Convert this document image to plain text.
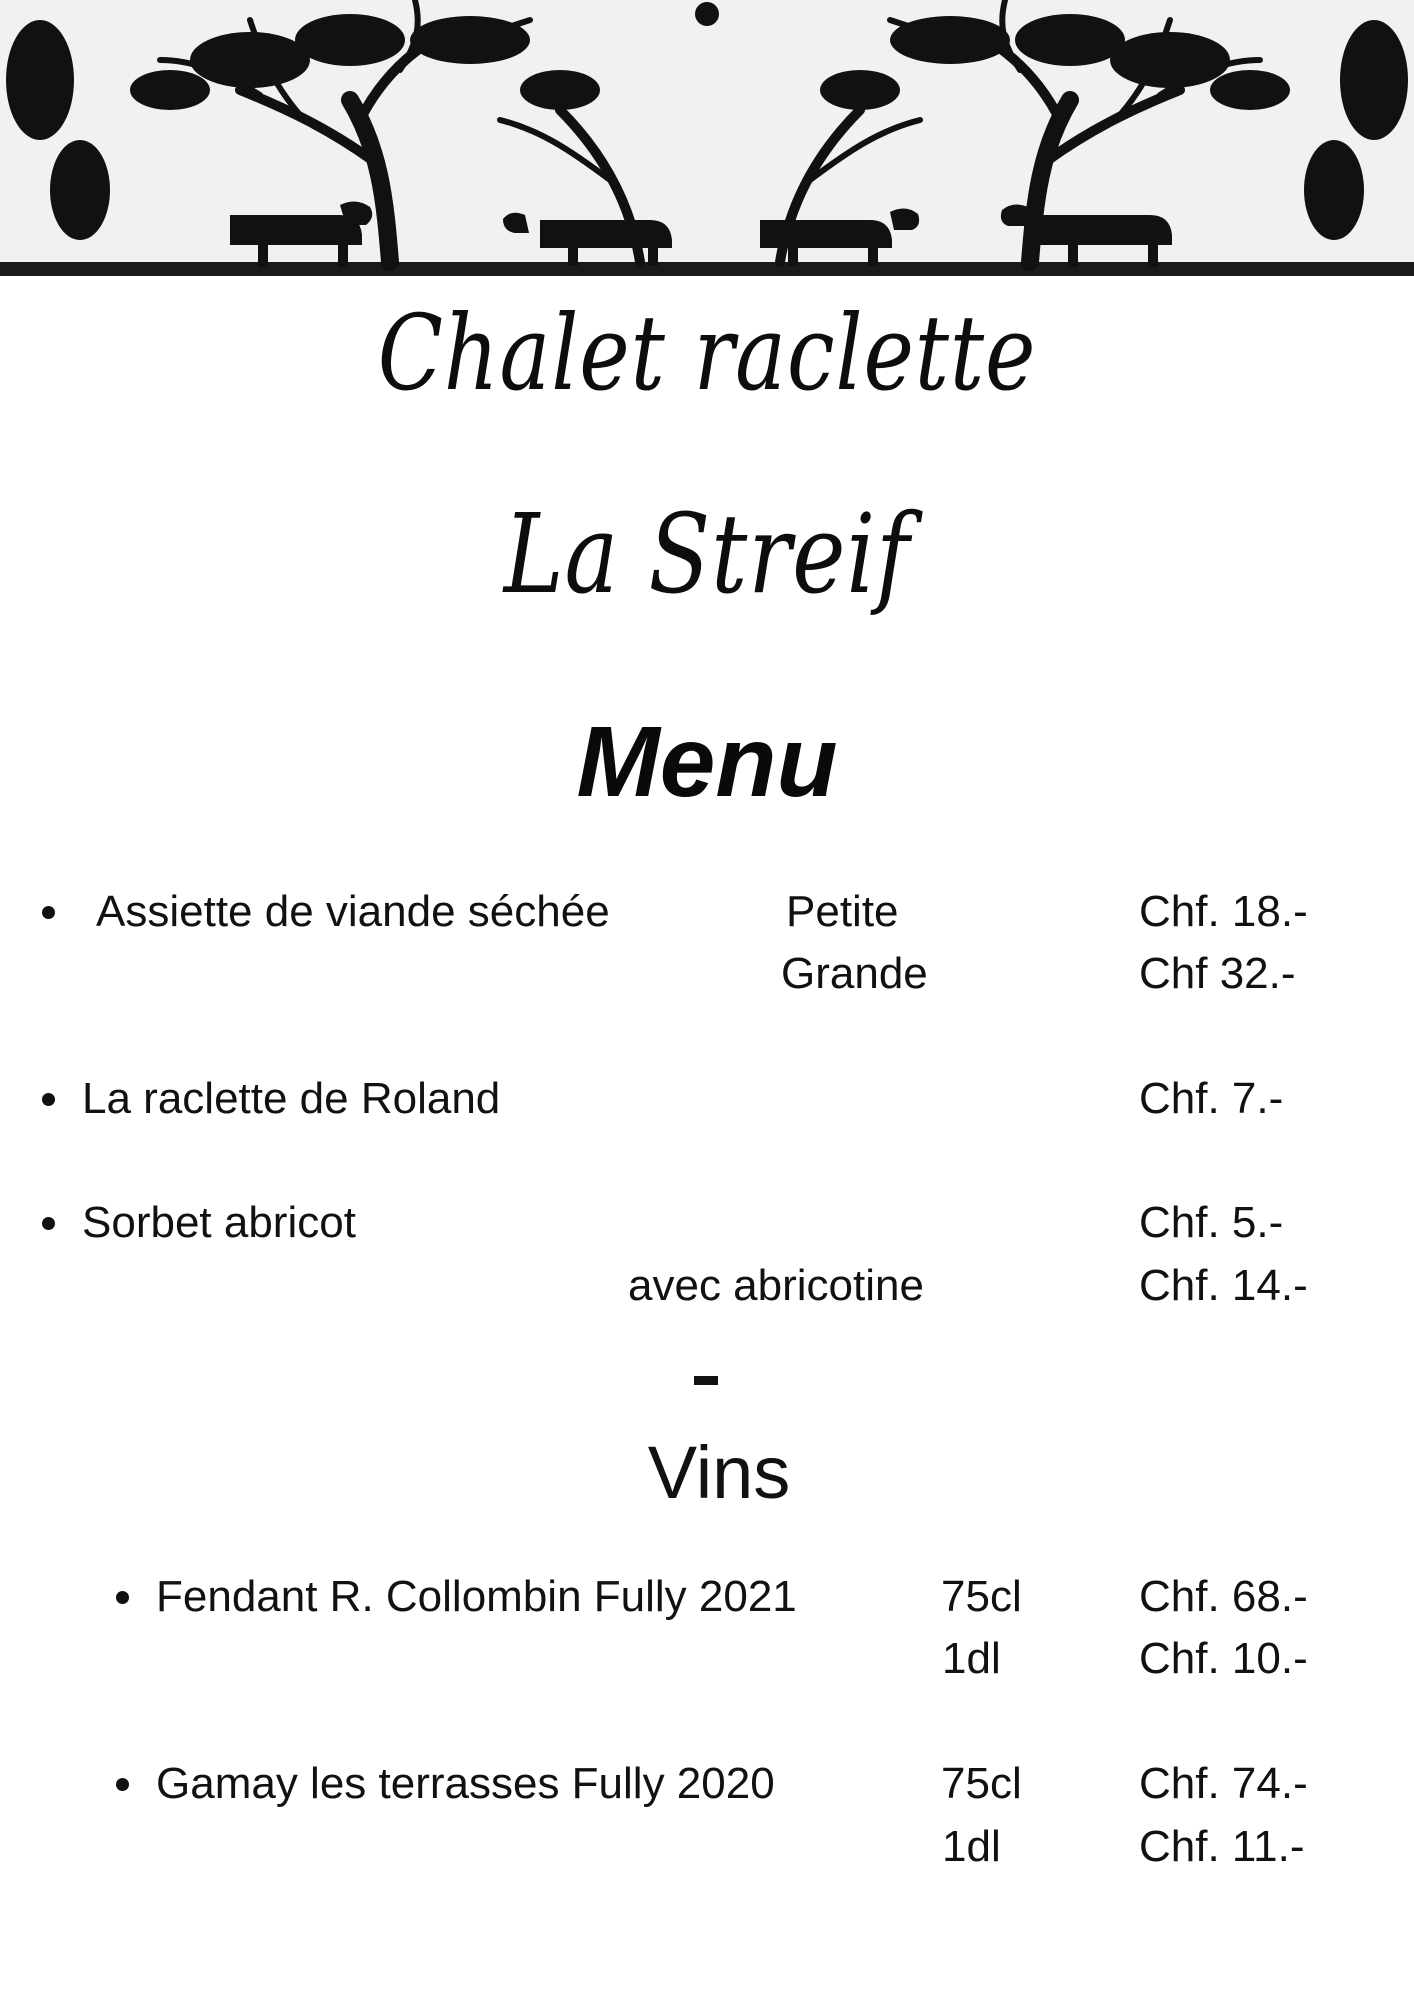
Chalet raclette
La Streif
Menu
Assiette de viande séchée	Petite	Chf. 18.-
Grande	Chf 32.-
La raclette de Roland	Chf. 7.-
Sorbet abricot	Chf. 5.-
avec abricotine	Chf. 14.-
Vins
Fendant R. Collombin Fully 2021	75cl	Chf. 68.-
1dl	Chf. 10.-
Gamay les terrasses Fully 2020	75cl	Chf. 74.-
1dl	Chf. 11.-
